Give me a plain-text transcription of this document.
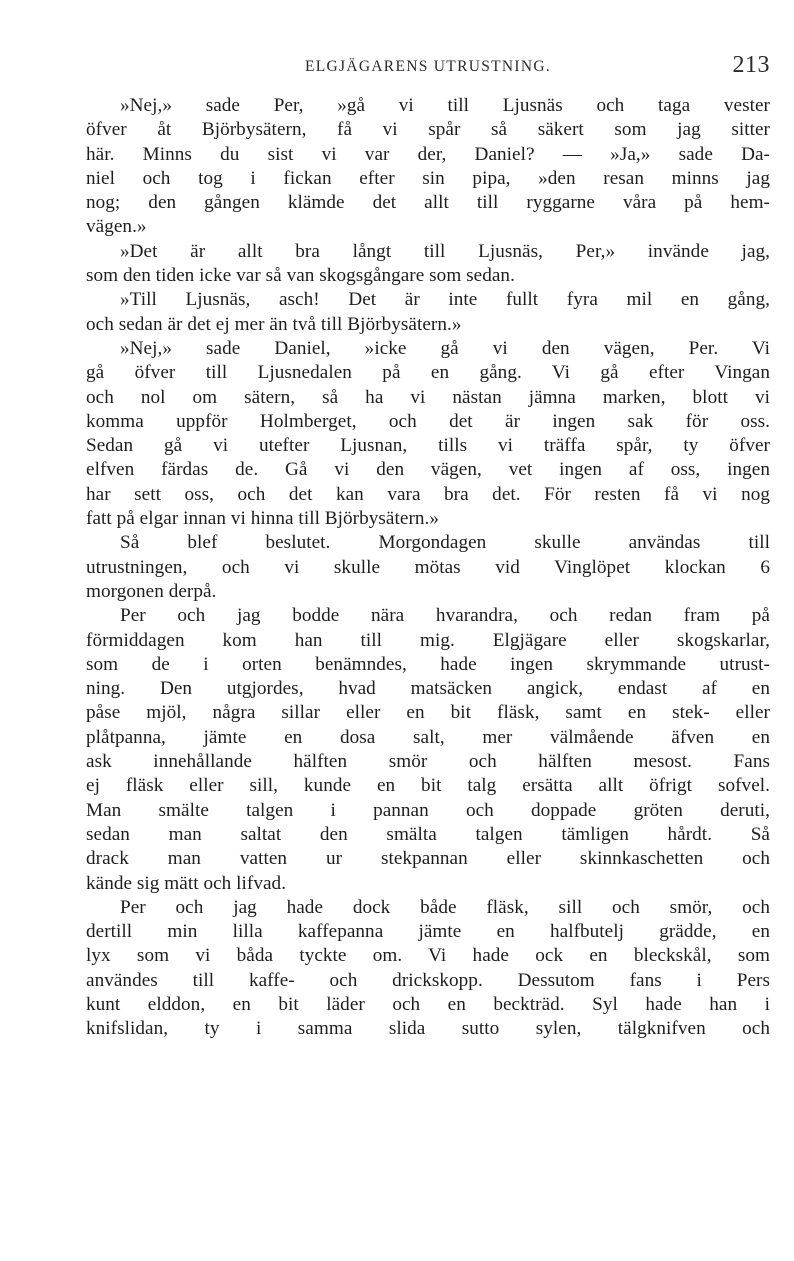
ELGJÄGARENS UTRUSTNING.	213
»Nej,» sade Per, »gå vi till Ljusnäs och taga vester
öfver åt Björbysätern, få vi spår så säkert som jag sitter
här. Minns du sist vi var der, Daniel? — »Ja,» sade Da-
niel och tog i fickan efter sin pipa, »den resan minns jag
nog; den gången klämde det allt till ryggarne våra på hem-
vägen.»
»Det är allt bra långt till Ljusnäs, Per,» invände jag,
som den tiden icke var så van skogsgångare som sedan.
»Till Ljusnäs, asch! Det är inte fullt fyra mil en gång,
och sedan är det ej mer än två till Björbysätern.»
»Nej,» sade Daniel, »icke gå vi den vägen, Per. Vi
gå öfver till Ljusnedalen på en gång. Vi gå efter Vingan
och nol om sätern, så ha vi nästan jämna marken, blott vi
komma uppför Holmberget, och det är ingen sak för oss.
Sedan gå vi utefter Ljusnan, tills vi träffa spår, ty öfver
elfven färdas de. Gå vi den vägen, vet ingen af oss, ingen
har sett oss, och det kan vara bra det. För resten få vi nog
fatt på elgar innan vi hinna till Björbysätern.»
Så blef beslutet. Morgondagen skulle användas till
utrustningen, och vi skulle mötas vid Vinglöpet klockan 6
morgonen derpå.
Per och jag bodde nära hvarandra, och redan fram på
förmiddagen kom han till mig. Elgjägare eller skogskarlar,
som de i orten benämndes, hade ingen skrymmande utrust-
ning. Den utgjordes, hvad matsäcken angick, endast af en
påse mjöl, några sillar eller en bit fläsk, samt en stek- eller
plåtpanna, jämte en dosa salt, mer välmående äfven en
ask innehållande hälften smör och hälften mesost. Fans
ej fläsk eller sill, kunde en bit talg ersätta allt öfrigt sofvel.
Man smälte talgen i pannan och doppade gröten deruti,
sedan man saltat den smälta talgen tämligen hårdt. Så
drack man vatten ur stekpannan eller skinnkaschetten och
kände sig mätt och lifvad.
Per och jag hade dock både fläsk, sill och smör, och
dertill min lilla kaffepanna jämte en halfbutelj grädde, en
lyx som vi båda tyckte om. Vi hade ock en bleckskål, som
användes till kaffe- och drickskopp. Dessutom fans i Pers
kunt elddon, en bit läder och en beckträd. Syl hade han i
knifslidan, ty i samma slida sutto sylen, tälgknifven och
